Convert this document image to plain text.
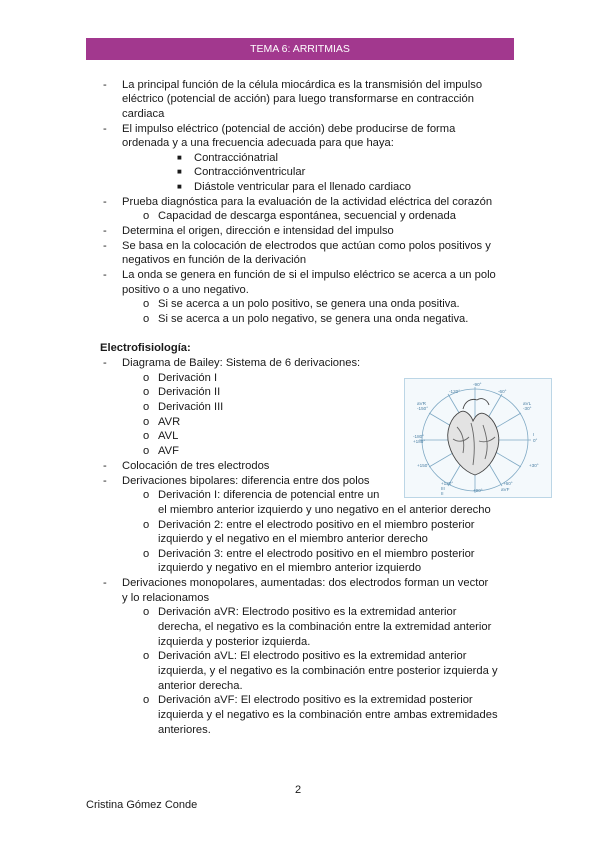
TEMA 6: ARRITMIAS
- La principal función de la célula miocárdica es la transmisión del impulso
eléctrico (potencial de acción) para luego transformarse en contracción
cardiaca
- El impulso eléctrico (potencial de acción) debe producirse de forma
ordenada y a una frecuencia adecuada para que haya:
■ Contracciónatrial
■ Contracciónventricular
■ Diástole ventricular para el llenado cardiaco
- Prueba diagnóstica para la evaluación de la actividad eléctrica del corazón
o Capacidad de descarga espontánea, secuencial y ordenada
- Determina el origen, dirección e intensidad del impulso
- Se basa en la colocación de electrodos que actúan como polos positivos y
negativos en función de la derivación
- La onda se genera en función de si el impulso eléctrico se acerca a un polo
positivo o a uno negativo.
o Si se acerca a un polo positivo, se genera una onda positiva.
o Si se acerca a un polo negativo, se genera una onda negativa.
Electrofisiología:
- Diagrama de Bailey: Sistema de 6 derivaciones:
o Derivación I
o Derivación II
o Derivación III
o AVR
o AVL
o AVF
- Colocación de tres electrodos
- Derivaciones bipolares: diferencia entre dos polos
o Derivación I: diferencia de potencial entre un
el miembro anterior izquierdo y uno negativo en el anterior derecho
o Derivación 2: entre el electrodo positivo en el miembro posterior
izquierdo y el negativo en el miembro anterior derecho
o Derivación 3: entre el electrodo positivo en el miembro posterior
izquierdo y negativo en el miembro anterior izquierdo
- Derivaciones monopolares, aumentadas: dos electrodos forman un vector
y lo relacionamos
o Derivación aVR: Electrodo positivo es la extremidad anterior
derecha, el negativo es la combinación entre la extremidad anterior
izquierda y posterior izquierda.
o Derivación aVL: El electrodo positivo es la extremidad anterior
izquierda, y el negativo es la combinación entre posterior izquierda y
anterior derecha.
o Derivación aVF: El electrodo positivo es la extremidad posterior
izquierda y el negativo es la combinación entre ambas extremidades
anteriores.
-90°
-120°	-60°
aVR
-150°
aVL
-30°
-180°
+180°
I
0°
+30°
+150°
+120°
III
+60°
+90°	aVF
II
2
Cristina Gómez Conde
